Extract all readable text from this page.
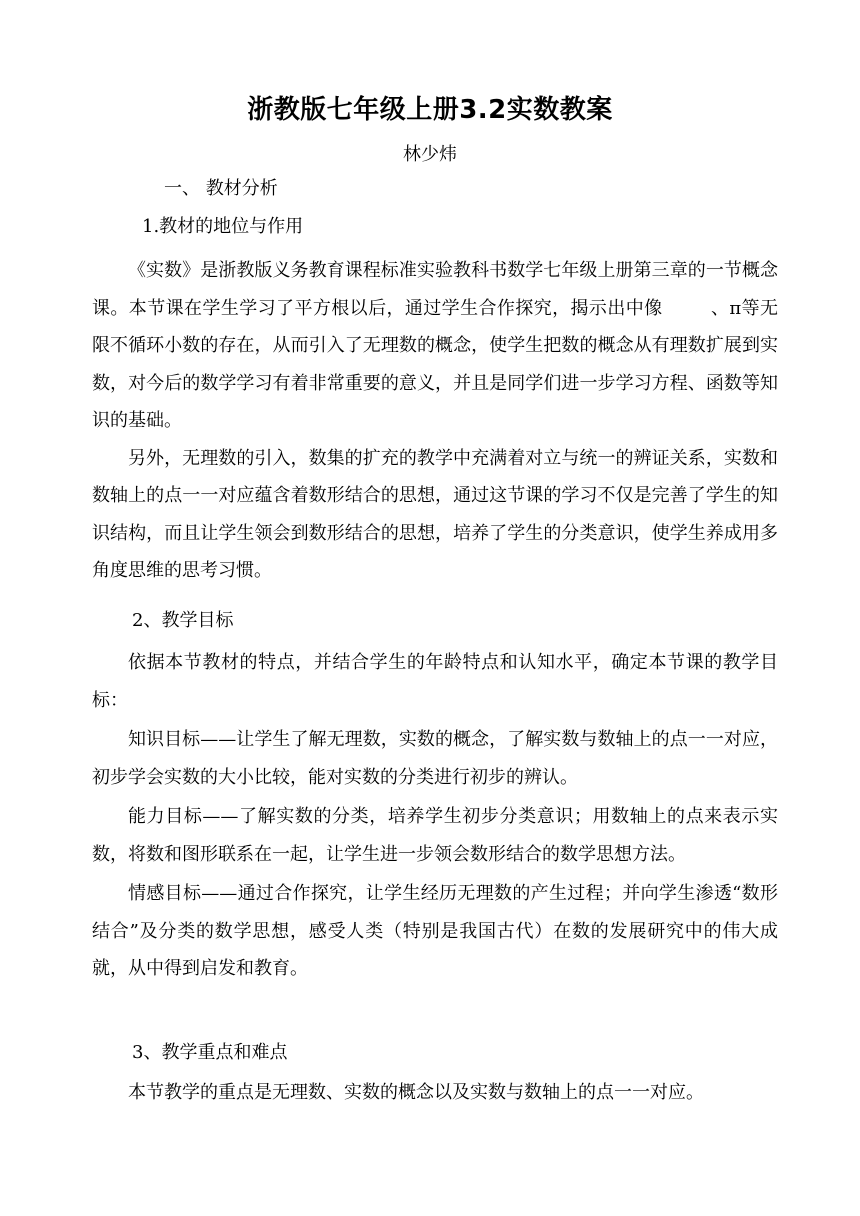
浙教版七年级上册3.2实数教案
林少炜
一、 教材分析
1.教材的地位与作用

《实数》是浙教版义务教育课程标准实验教科书数学七年级上册第三章的一节概念课。本节课在学生学习了平方根以后，通过学生合作探究，揭示出中像	、π等无限不循环小数的存在，从而引入了无理数的概念，使学生把数的概念从有理数扩展到实数，对今后的数学学习有着非常重要的意义，并且是同学们进一步学习方程、函数等知识的基础。

另外，无理数的引入，数集的扩充的教学中充满着对立与统一的辨证关系，实数和数轴上的点一一对应蕴含着数形结合的思想，通过这节课的学习不仅是完善了学生的知识结构，而且让学生领会到数形结合的思想，培养了学生的分类意识，使学生养成用多角度思维的思考习惯。

2、教学目标

依据本节教材的特点，并结合学生的年龄特点和认知水平，确定本节课的教学目标：

知识目标——让学生了解无理数，实数的概念，了解实数与数轴上的点一一对应，初步学会实数的大小比较，能对实数的分类进行初步的辨认。

能力目标——了解实数的分类，培养学生初步分类意识；用数轴上的点来表示实数，将数和图形联系在一起，让学生进一步领会数形结合的数学思想方法。

情感目标——通过合作探究，让学生经历无理数的产生过程；并向学生渗透“数形结合”及分类的数学思想，感受人类（特别是我国古代）在数的发展研究中的伟大成就，从中得到启发和教育。

3、教学重点和难点

本节教学的重点是无理数、实数的概念以及实数与数轴上的点一一对应。
